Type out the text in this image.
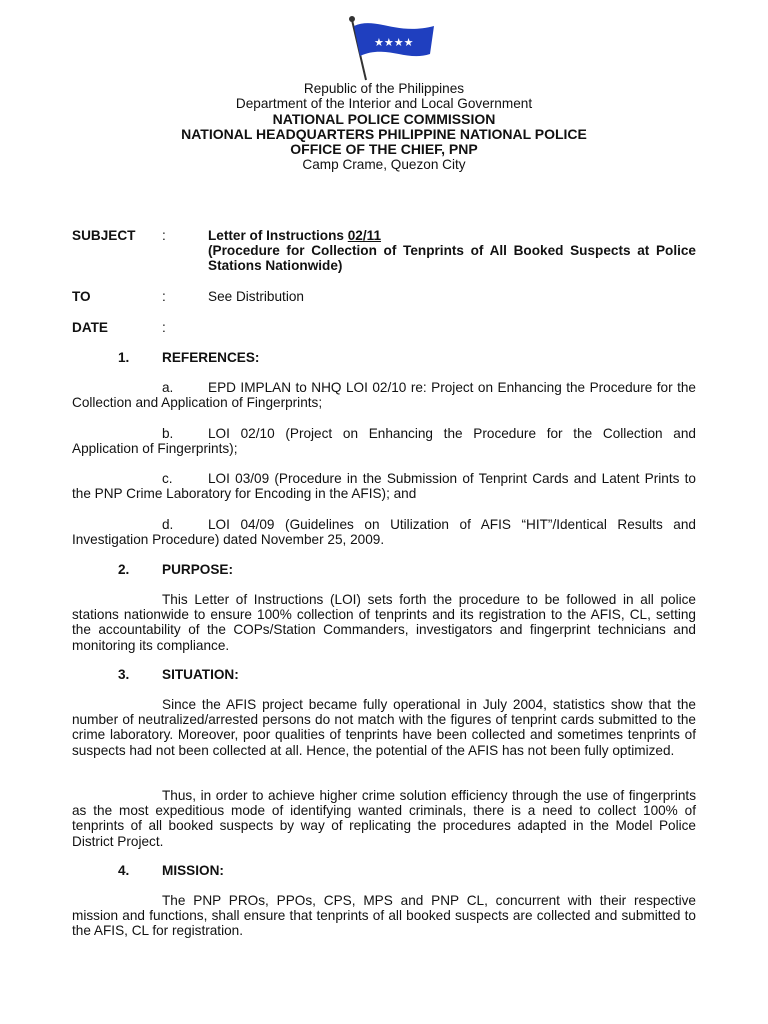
★★★★
Republic of the Philippines
Department of the Interior and Local Government
NATIONAL POLICE COMMISSION
NATIONAL HEADQUARTERS PHILIPPINE NATIONAL POLICE
OFFICE OF THE CHIEF, PNP
Camp Crame, Quezon City
SUBJECT :	Letter of Instructions 02/11
(Procedure for Collection of Tenprints of All Booked Suspects at Police Stations Nationwide)
TO	:	See Distribution
DATE	:
1. REFERENCES:
a.	EPD IMPLAN to NHQ LOI 02/10 re: Project on Enhancing the Procedure for the Collection and Application of Fingerprints;
b.	LOI 02/10 (Project on Enhancing the Procedure for the Collection and Application of Fingerprints);
c.	LOI 03/09 (Procedure in the Submission of Tenprint Cards and Latent Prints to the PNP Crime Laboratory for Encoding in the AFIS); and
d.	LOI 04/09 (Guidelines on Utilization of AFIS “HIT”/Identical Results and Investigation Procedure) dated November 25, 2009.
2. PURPOSE:
This Letter of Instructions (LOI) sets forth the procedure to be followed in all police stations nationwide to ensure 100% collection of tenprints and its registration to the AFIS, CL, setting the accountability of the COPs/Station Commanders, investigators and fingerprint technicians and monitoring its compliance.
3. SITUATION:
Since the AFIS project became fully operational in July 2004, statistics show that the number of neutralized/arrested persons do not match with the figures of tenprint cards submitted to the crime laboratory. Moreover, poor qualities of tenprints have been collected and sometimes tenprints of suspects had not been collected at all. Hence, the potential of the AFIS has not been fully optimized.
Thus, in order to achieve higher crime solution efficiency through the use of fingerprints as the most expeditious mode of identifying wanted criminals, there is a need to collect 100% of tenprints of all booked suspects by way of replicating the procedures adapted in the Model Police District Project.
4. MISSION:
The PNP PROs, PPOs, CPS, MPS and PNP CL, concurrent with their respective mission and functions, shall ensure that tenprints of all booked suspects are collected and submitted to the AFIS, CL for registration.
